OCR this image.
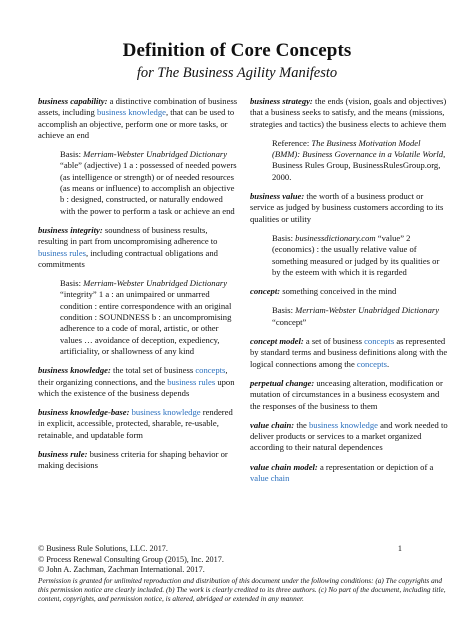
Definition of Core Concepts
for The Business Agility Manifesto

business capability: a distinctive combination of business assets, including business knowledge, that can be used to accomplish an objective, perform one or more tasks, or achieve an end

Basis: Merriam-Webster Unabridged Dictionary “able” (adjective) 1 a : possessed of needed powers (as intelligence or strength) or of needed resources (as means or influence) to accomplish an objective b : designed, constructed, or naturally endowed with the power to perform a task or achieve an end

business integrity: soundness of business results, resulting in part from uncompromising adherence to business rules, including contractual obligations and commitments

Basis: Merriam-Webster Unabridged Dictionary “integrity” 1 a : an unimpaired or unmarred condition : entire correspondence with an original condition : SOUNDNESS b : an uncompromising adherence to a code of moral, artistic, or other values … avoidance of deception, expediency, artificiality, or shallowness of any kind

business knowledge: the total set of business concepts, their organizing connections, and the business rules upon which the existence of the business depends

business knowledge-base: business knowledge rendered in explicit, accessible, protected, sharable, re-usable, retainable, and updatable form

business rule: business criteria for shaping behavior or making decisions

business strategy: the ends (vision, goals and objectives) that a business seeks to satisfy, and the means (missions, strategies and tactics) the business elects to achieve them

Reference: The Business Motivation Model (BMM): Business Governance in a Volatile World, Business Rules Group, BusinessRulesGroup.org, 2000.

business value: the worth of a business product or service as judged by business customers according to its qualities or utility

Basis: businessdictionary.com “value” 2 (economics) : the usually relative value of something measured or judged by its qualities or by the esteem with which it is regarded

concept: something conceived in the mind

Basis: Merriam-Webster Unabridged Dictionary “concept”

concept model: a set of business concepts as represented by standard terms and business definitions along with the logical connections among the concepts.

perpetual change: unceasing alteration, modification or mutation of circumstances in a business ecosystem and the responses of the business to them

value chain: the business knowledge and work needed to deliver products or services to a market organized according to their natural dependences

value chain model: a representation or depiction of a value chain

© Business Rule Solutions, LLC. 2017.	1
© Process Renewal Consulting Group (2015), Inc. 2017.
© John A. Zachman, Zachman International. 2017.
Permission is granted for unlimited reproduction and distribution of this document under the following conditions: (a) The copyrights and this permission notice are clearly included. (b) The work is clearly credited to its three authors. (c) No part of the document, including title, content, copyrights, and permission notice, is altered, abridged or extended in any manner.
